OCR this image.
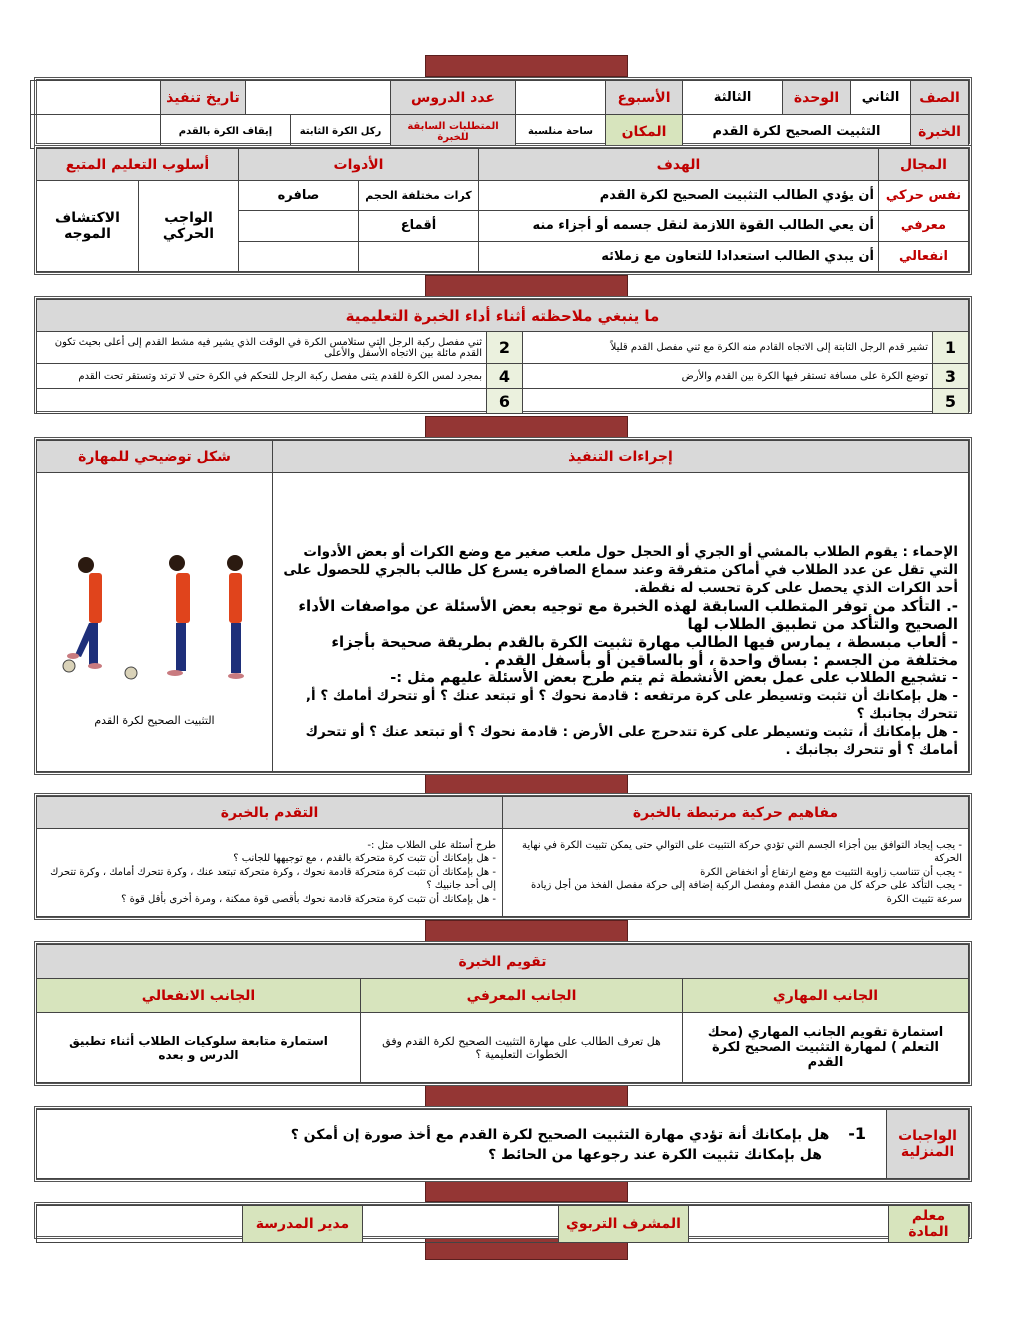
الصف	الثاني	الوحدة	الثالثة	الأسبوع		عدد الدروس			تاريخ تنفيذ	
الخبرة	التثبيت الصحيح لكرة القدم			المكان	ساحة منلسبة	المتطلبات السابقة للخبرة	ركل الكرة الثابتة	إيقاف الكرة بالقدم		
المجال	الهدف	الأدوات		أسلوب التعليم المتبع	
نفس حركي	أن يؤدي الطالب التثبيت الصحيح لكرة القدم	كرات مختلفة الحجم	صافره	الواجب الحركي	الاكتشاف الموجه
معرفي	أن يعي الطالب القوة اللازمة لنقل جسمه أو أجزاء منه	أقماع			
انفعالي	أن يبدي الطالب استعدادا للتعاون مع زملائه				
ما ينبغي ملاحظته أثناء أداء الخبرة التعليمية			
1	تشير قدم الرجل الثابتة إلى الاتجاه القادم منه الكرة مع ثني مفصل القدم قليلاً	2	ثني مفصل ركبة الرجل التي ستلامس الكرة في الوقت الذي يشير فيه مشط القدم إلى أعلى بحيث تكون القدم مائلة بين الاتجاه الأسفل والأعلى
3	توضع الكرة على مسافة تستقر فيها الكرة بين القدم والأرض	4	بمجرد لمس الكرة للقدم يثنى مفصل ركبة الرجل للتحكم في الكرة حتى لا ترتد وتستقر تحت القدم
5		6	
إجراءات التنفيذ	شكل توضيحي للمهارة

الإحماء : يقوم الطلاب بالمشي أو الجري أو الحجل حول ملعب صغير مع وضع الكرات أو بعض الأدوات التي تقل عن عدد الطلاب في أماكن متفرقة وعند سماع الصافره يسرع كل طالب بالجري للحصول على أحد الكرات الذي يحصل على كرة تحسب له نقطة.

-. التأكد من توفر المتطلب السابقة لهذه الخبرة مع توجيه بعض الأسئلة عن مواصفات الأداء الصحيح والتأكد من تطبيق الطلاب لها

- ألعاب مبسطة ، يمارس فيها الطالب مهارة تثبيت الكرة بالقدم بطريقة صحيحة بأجزاء مختلفة من الجسم : بساق واحدة ، أو بالساقين أو بأسفل القدم .

- تشجيع الطلاب على عمل بعض الأنشطة ثم يتم طرح بعض الأسئلة عليهم مثل :-

- هل بإمكانك أن تثبت وتسيطر على كرة مرتفعه : قادمة نحوك ؟ أو تبتعد عنك ؟ أو تتحرك أمامك ؟ أ, تتحرك بجانبك ؟

- هل بإمكانك أ، تثبت وتسيطر على كرة تتدحرج على الأرض : قادمة نحوك ؟ أو تبتعد عنك ؟ أو تتحرك أمامك ؟ أو تتحرك بجانبك .

التثبيت الصحيح لكرة القدم
مفاهيم حركية مرتبطة بالخبرة	التقدم بالخبرة

- يجب إيجاد التوافق بين أجزاء الجسم التي تؤدي حركة التثبيت على التوالي حتى يمكن تثبيت الكرة في نهاية الحركة
- يجب أن تتناسب زاوية التثبيت مع وضع ارتفاع أو انخفاض الكرة
- يجب التأكد على حركة كل من مفصل القدم ومفصل الركبة إضافة إلى حركة مفصل الفخذ من أجل زيادة سرعة تثبيت الكرة

طرح أسئلة على الطلاب مثل :-
- هل بإمكانك أن تثبت كرة متحركة بالقدم ، مع توجيهها للجانب ؟
- هل بإمكانك أن تثبت كرة متحركة قادمة نحوك ، وكرة متحركة تبتعد عنك ، وكرة تتحرك أمامك ، وكرة تتحرك إلى أحد جانبيك ؟
- هل بإمكانك أن تثبت كرة متحركة قادمة نحوك بأقصى قوة ممكنة ، ومرة أخرى بأقل قوة ؟
تقويم الخبرة		
الجانب المهاري	الجانب المعرفي	الجانب الانفعالي
استمارة تقويم الجانب المهاري (محك التعلم ) لمهارة التثبيت الصحيح لكرة القدم	هل تعرف الطالب على مهارة التثبيت الصحيح لكرة القدم وفق الخطوات التعليمية ؟	استمارة متابعة سلوكيات الطلاب أثناء تطبيق الدرس و بعده
الواجبات المنزلية	
1- هل بإمكانك أنة تؤدي مهارة التثبيت الصحيح لكرة القدم مع أخذ صورة إن أمكن ؟
هل بإمكانك تثبيت الكرة عند رجوعها من الحائط ؟
معلم المادة		المشرف التربوي		مدير المدرسة	
